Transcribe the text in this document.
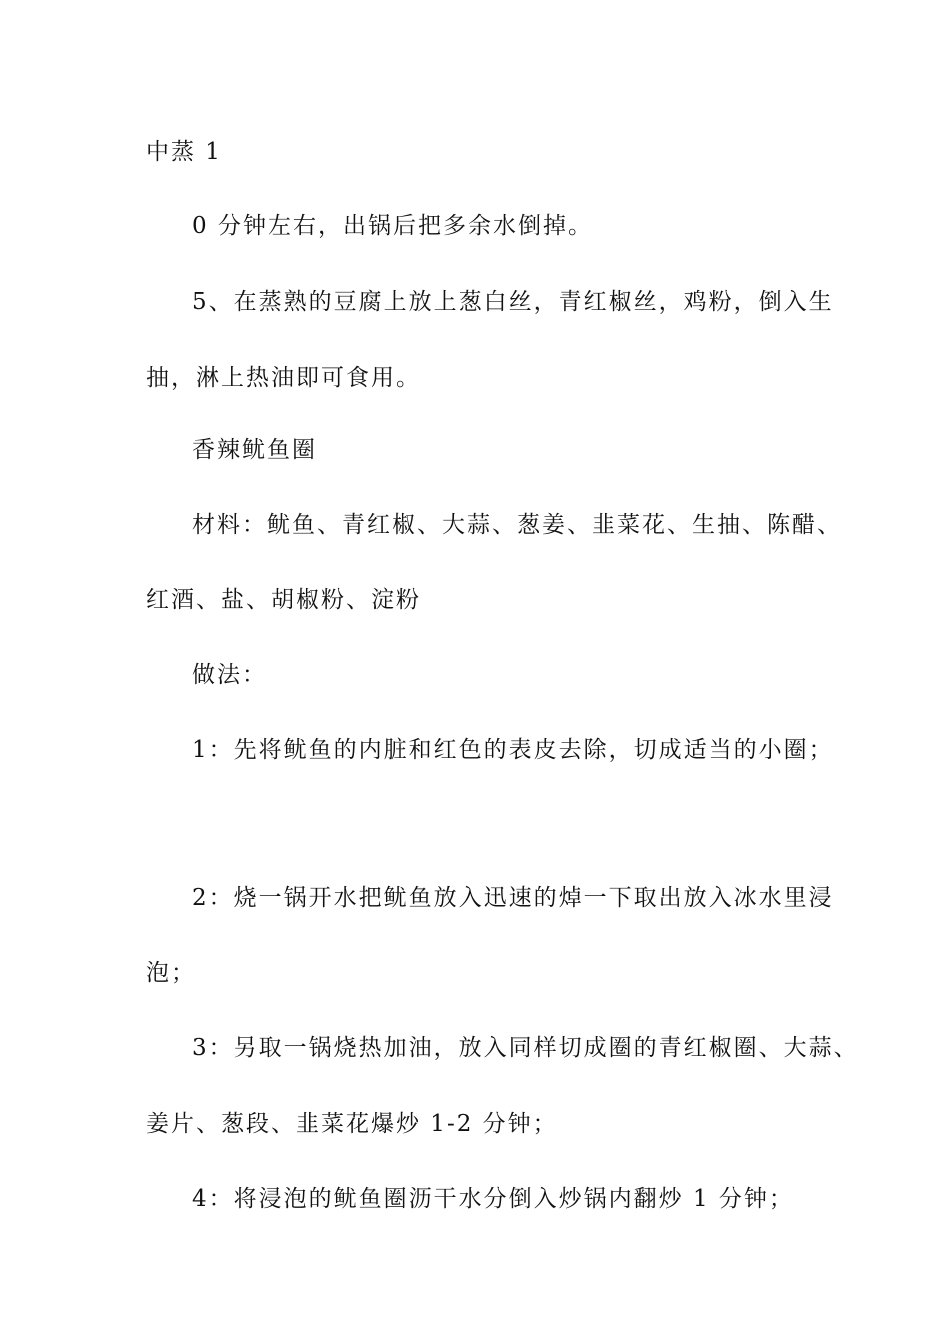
中蒸 1
0 分钟左右，出锅后把多余水倒掉。
5、在蒸熟的豆腐上放上葱白丝，青红椒丝，鸡粉，倒入生
抽，淋上热油即可食用。
香辣鱿鱼圈
材料：鱿鱼、青红椒、大蒜、葱姜、韭菜花、生抽、陈醋、
红酒、盐、胡椒粉、淀粉
做法：
1：先将鱿鱼的内脏和红色的表皮去除，切成适当的小圈；
2：烧一锅开水把鱿鱼放入迅速的焯一下取出放入冰水里浸
泡；
3：另取一锅烧热加油，放入同样切成圈的青红椒圈、大蒜、
姜片、葱段、韭菜花爆炒 1-2 分钟；
4：将浸泡的鱿鱼圈沥干水分倒入炒锅内翻炒 1 分钟；
